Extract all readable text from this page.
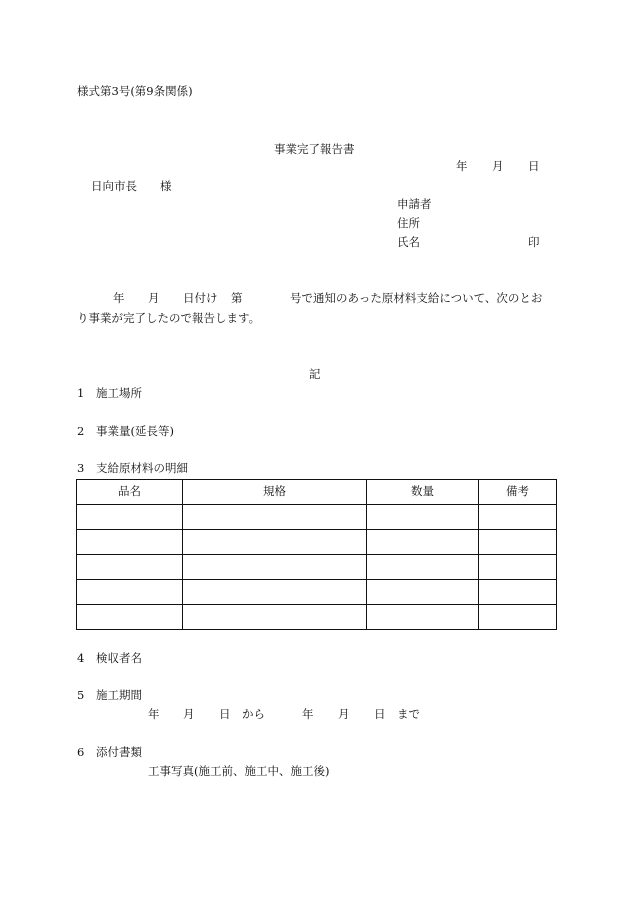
様式第3号(第9条関係)
事業完了報告書
年 月 日
日向市長 様
申請者
住所
氏名	印
年 月 日付け 第	号で通知のあった原材料支給について、次のとお
り事業が完了したので報告します。
記
1 施工場所
2 事業量(延長等)
3 支給原材料の明細
品名	規格	数量	備考

4 検収者名
5 施工期間
年 月 日 から	年 月 日 まで
6 添付書類
工事写真(施工前、施工中、施工後)
